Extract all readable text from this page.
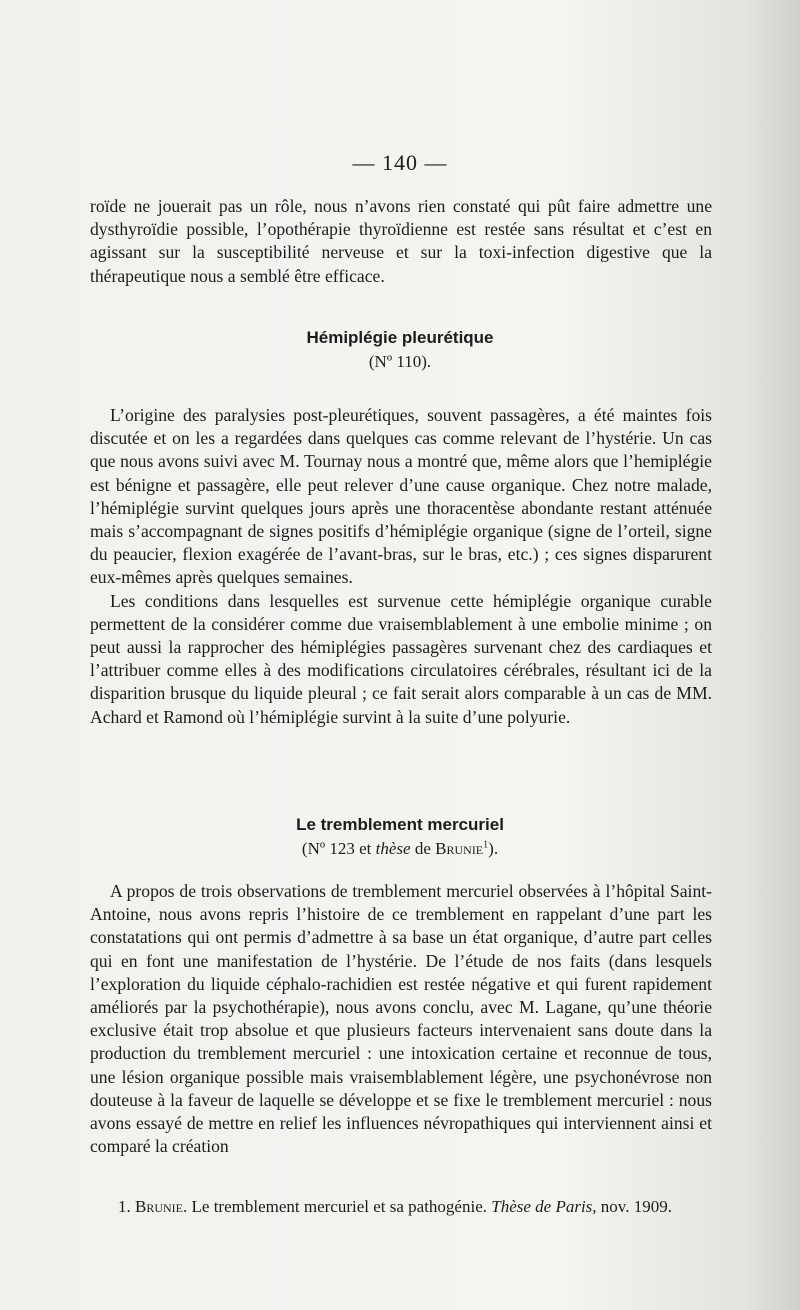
— 140 —

roïde ne jouerait pas un rôle, nous n’avons rien constaté qui pût faire admettre une dysthyroïdie possible, l’opothérapie thyroïdienne est restée sans résultat et c’est en agissant sur la susceptibilité nerveuse et sur la toxi-infection digestive que la thérapeutique nous a semblé être efficace.

Hémiplégie pleurétique
(Nº 110).

L’origine des paralysies post-pleurétiques, souvent passagères, a été maintes fois discutée et on les a regardées dans quelques cas comme relevant de l’hystérie. Un cas que nous avons suivi avec M. Tournay nous a montré que, même alors que l’hemiplégie est bénigne et passagère, elle peut relever d’une cause organique. Chez notre malade, l’hémiplégie survint quelques jours après une thoracentèse abondante restant atténuée mais s’accompagnant de signes positifs d’hémiplégie organique (signe de l’orteil, signe du peaucier, flexion exagérée de l’avant-bras, sur le bras, etc.) ; ces signes disparurent eux-mêmes après quelques semaines.

Les conditions dans lesquelles est survenue cette hémiplégie organique curable permettent de la considérer comme due vraisemblablement à une embolie minime ; on peut aussi la rapprocher des hémiplégies passagères survenant chez des cardiaques et l’attribuer comme elles à des modifications circulatoires cérébrales, résultant ici de la disparition brusque du liquide pleural ; ce fait serait alors comparable à un cas de MM. Achard et Ramond où l’hémiplégie survint à la suite d’une polyurie.

Le tremblement mercuriel
(Nº 123 et thèse de Brunie$^1$).

A propos de trois observations de tremblement mercuriel observées à l’hôpital Saint-Antoine, nous avons repris l’histoire de ce tremblement en rappelant d’une part les constatations qui ont permis d’admettre à sa base un état organique, d’autre part celles qui en font une manifestation de l’hystérie. De l’étude de nos faits (dans lesquels l’exploration du liquide céphalo-rachidien est restée négative et qui furent rapidement améliorés par la psychothérapie), nous avons conclu, avec M. Lagane, qu’une théorie exclusive était trop absolue et que plusieurs facteurs intervenaient sans doute dans la production du tremblement mercuriel : une intoxication certaine et reconnue de tous, une lésion organique possible mais vraisemblablement légère, une psychonévrose non douteuse à la faveur de laquelle se développe et se fixe le tremblement mercuriel : nous avons essayé de mettre en relief les influences névropathiques qui interviennent ainsi et comparé la création

1. Brunie. Le tremblement mercuriel et sa pathogénie. Thèse de Paris, nov. 1909.
